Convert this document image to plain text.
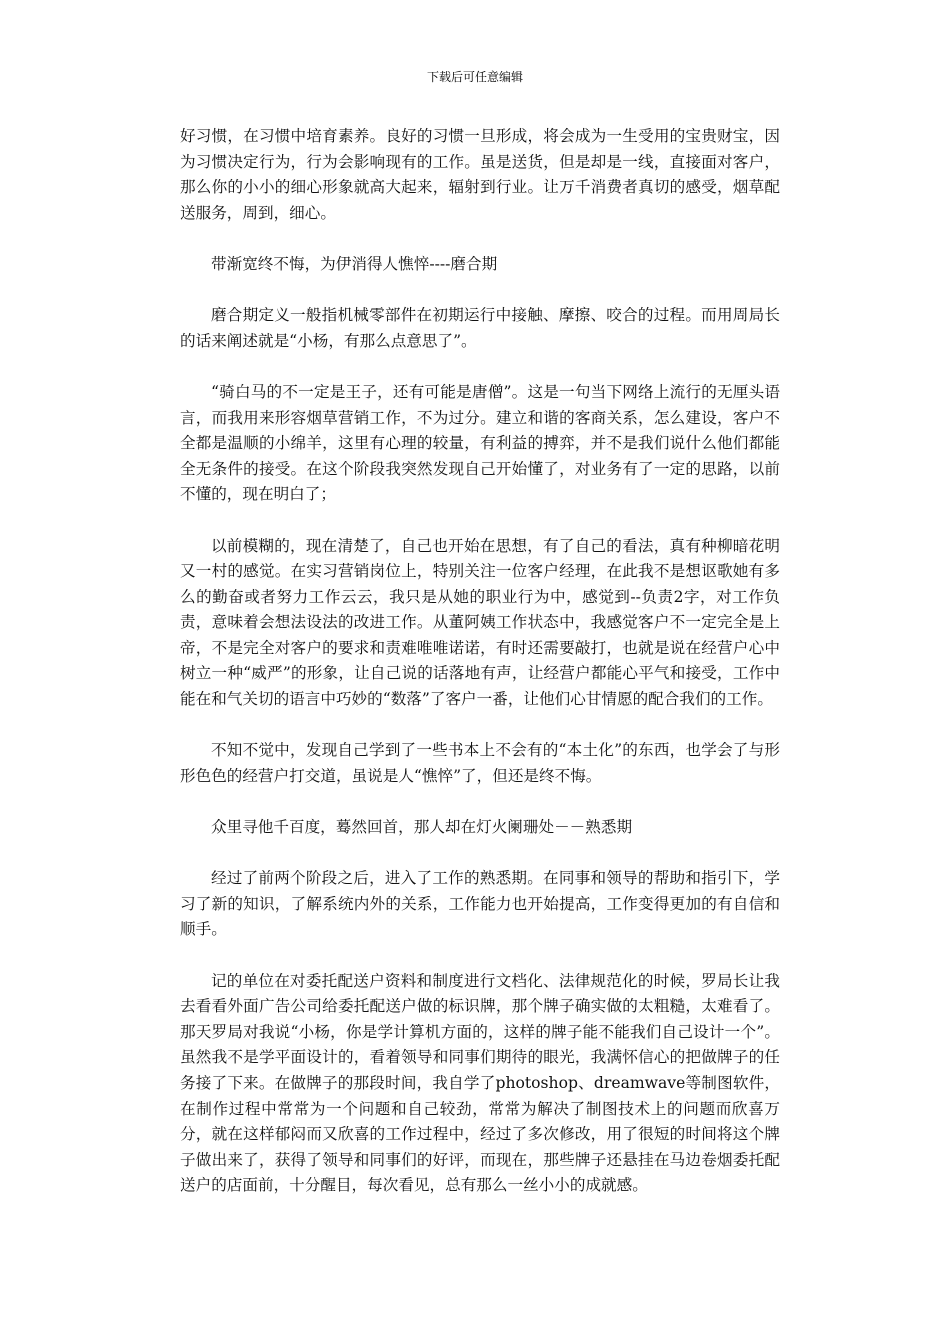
下载后可任意编辑

好习惯，在习惯中培育素养。良好的习惯一旦形成，将会成为一生受用的宝贵财宝，因为习惯决定行为，行为会影响现有的工作。虽是送货，但是却是一线，直接面对客户，那么你的小小的细心形象就高大起来，辐射到行业。让万千消费者真切的感受，烟草配送服务，周到，细心。

带渐宽终不悔，为伊消得人憔悴----磨合期

磨合期定义一般指机械零部件在初期运行中接触、摩擦、咬合的过程。而用周局长的话来阐述就是“小杨，有那么点意思了”。

“骑白马的不一定是王子，还有可能是唐僧”。这是一句当下网络上流行的无厘头语言，而我用来形容烟草营销工作，不为过分。建立和谐的客商关系，怎么建设，客户不全都是温顺的小绵羊，这里有心理的较量，有利益的搏弈，并不是我们说什么他们都能全无条件的接受。在这个阶段我突然发现自己开始懂了，对业务有了一定的思路，以前不懂的，现在明白了；

以前模糊的，现在清楚了，自己也开始在思想，有了自己的看法，真有种柳暗花明又一村的感觉。在实习营销岗位上，特别关注一位客户经理，在此我不是想讴歌她有多么的勤奋或者努力工作云云，我只是从她的职业行为中，感觉到--负责2字，对工作负责，意味着会想法设法的改进工作。从董阿姨工作状态中，我感觉客户不一定完全是上帝，不是完全对客户的要求和责难唯唯诺诺，有时还需要敲打，也就是说在经营户心中树立一种“威严”的形象，让自己说的话落地有声，让经营户都能心平气和接受，工作中能在和气关切的语言中巧妙的“数落”了客户一番，让他们心甘情愿的配合我们的工作。

不知不觉中，发现自己学到了一些书本上不会有的“本土化”的东西，也学会了与形形色色的经营户打交道，虽说是人“憔悴”了，但还是终不悔。

众里寻他千百度，蓦然回首，那人却在灯火阑珊处－－熟悉期

经过了前两个阶段之后，进入了工作的熟悉期。在同事和领导的帮助和指引下，学习了新的知识，了解系统内外的关系，工作能力也开始提高，工作变得更加的有自信和顺手。

记的单位在对委托配送户资料和制度进行文档化、法律规范化的时候，罗局长让我去看看外面广告公司给委托配送户做的标识牌，那个牌子确实做的太粗糙，太难看了。那天罗局对我说“小杨，你是学计算机方面的，这样的牌子能不能我们自己设计一个”。虽然我不是学平面设计的，看着领导和同事们期待的眼光，我满怀信心的把做牌子的任务接了下来。在做牌子的那段时间，我自学了photoshop、dreamwave等制图软件，在制作过程中常常为一个问题和自己较劲，常常为解决了制图技术上的问题而欣喜万分，就在这样郁闷而又欣喜的工作过程中，经过了多次修改，用了很短的时间将这个牌子做出来了，获得了领导和同事们的好评，而现在，那些牌子还悬挂在马边卷烟委托配送户的店面前，十分醒目，每次看见，总有那么一丝小小的成就感。
